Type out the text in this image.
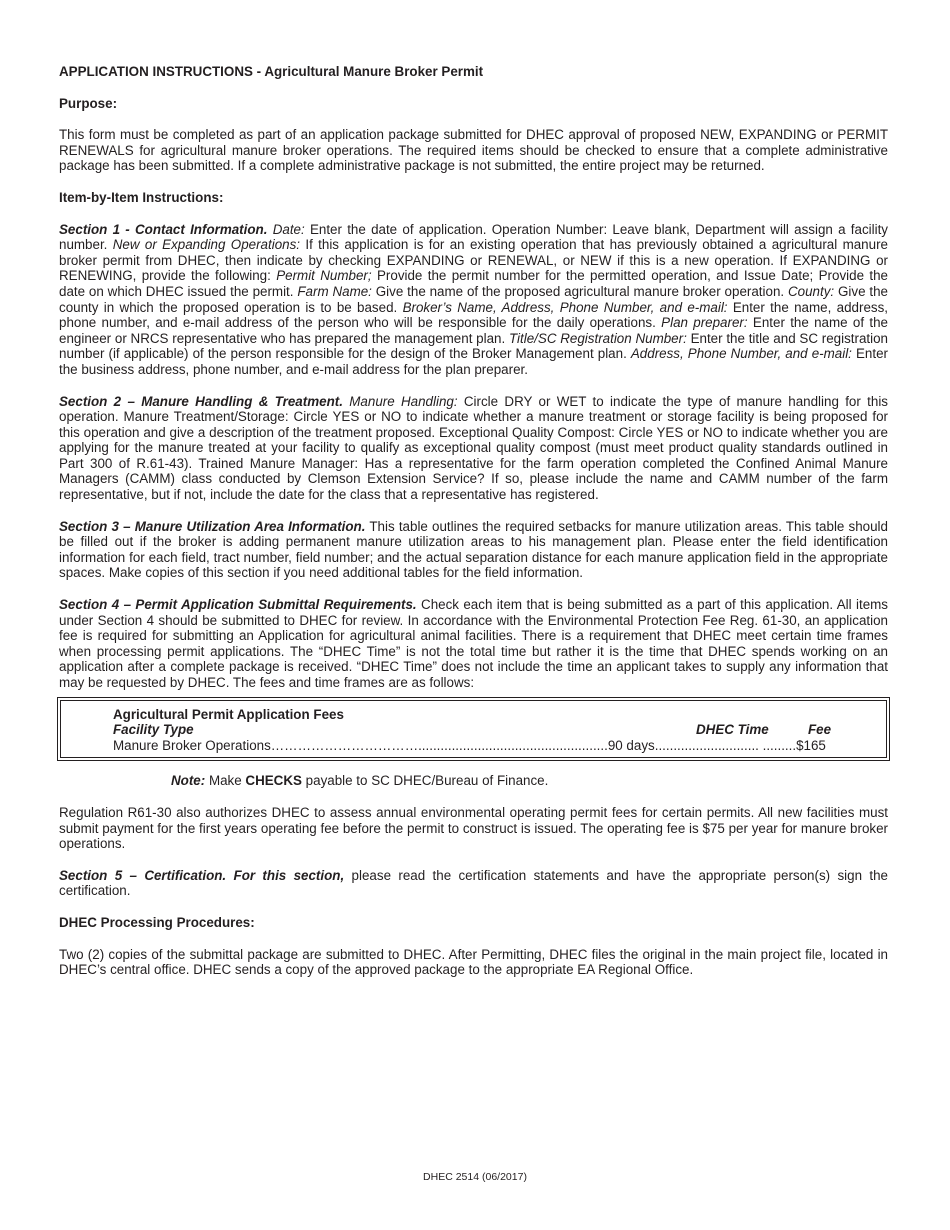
APPLICATION INSTRUCTIONS - Agricultural Manure Broker Permit
Purpose:

This form must be completed as part of an application package submitted for DHEC approval of proposed NEW, EXPANDING or PERMIT RENEWALS for agricultural manure broker operations. The required items should be checked to ensure that a complete administrative package has been submitted. If a complete administrative package is not submitted, the entire project may be returned.

Item-by-Item Instructions:

Section 1 - Contact Information. Date: Enter the date of application. Operation Number: Leave blank, Department will assign a facility number. New or Expanding Operations: If this application is for an existing operation that has previously obtained a agricultural manure broker permit from DHEC, then indicate by checking EXPANDING or RENEWAL, or NEW if this is a new operation. If EXPANDING or RENEWING, provide the following: Permit Number; Provide the permit number for the permitted operation, and Issue Date; Provide the date on which DHEC issued the permit. Farm Name: Give the name of the proposed agricultural manure broker operation. County: Give the county in which the proposed operation is to be based. Broker’s Name, Address, Phone Number, and e-mail: Enter the name, address, phone number, and e-mail address of the person who will be responsible for the daily operations. Plan preparer: Enter the name of the engineer or NRCS representative who has prepared the management plan. Title/SC Registration Number: Enter the title and SC registration number (if applicable) of the person responsible for the design of the Broker Management plan. Address, Phone Number, and e-mail: Enter the business address, phone number, and e-mail address for the plan preparer.

Section 2 – Manure Handling & Treatment. Manure Handling: Circle DRY or WET to indicate the type of manure handling for this operation. Manure Treatment/Storage: Circle YES or NO to indicate whether a manure treatment or storage facility is being proposed for this operation and give a description of the treatment proposed. Exceptional Quality Compost: Circle YES or NO to indicate whether you are applying for the manure treated at your facility to qualify as exceptional quality compost (must meet product quality standards outlined in Part 300 of R.61-43). Trained Manure Manager: Has a representative for the farm operation completed the Confined Animal Manure Managers (CAMM) class conducted by Clemson Extension Service? If so, please include the name and CAMM number of the farm representative, but if not, include the date for the class that a representative has registered.

Section 3 – Manure Utilization Area Information. This table outlines the required setbacks for manure utilization areas. This table should be filled out if the broker is adding permanent manure utilization areas to his management plan. Please enter the field identification information for each field, tract number, field number; and the actual separation distance for each manure application field in the appropriate spaces. Make copies of this section if you need additional tables for the field information.

Section 4 – Permit Application Submittal Requirements. Check each item that is being submitted as a part of this application. All items under Section 4 should be submitted to DHEC for review. In accordance with the Environmental Protection Fee Reg. 61-30, an application fee is required for submitting an Application for agricultural animal facilities. There is a requirement that DHEC meet certain time frames when processing permit applications. The “DHEC Time” is not the total time but rather it is the time that DHEC spends working on an application after a complete package is received. “DHEC Time” does not include the time an applicant takes to supply any information that may be requested by DHEC. The fees and time frames are as follows:

Agricultural Permit Application Fees
Facility Type	DHEC Time	Fee
Manure Broker Operations……………………………...................................................90 days............................ .........$165
Note: Make CHECKS payable to SC DHEC/Bureau of Finance.

Regulation R61-30 also authorizes DHEC to assess annual environmental operating permit fees for certain permits. All new facilities must submit payment for the first years operating fee before the permit to construct is issued. The operating fee is $75 per year for manure broker operations.

Section 5 – Certification. For this section, please read the certification statements and have the appropriate person(s) sign the certification.

DHEC Processing Procedures:

Two (2) copies of the submittal package are submitted to DHEC. After Permitting, DHEC files the original in the main project file, located in DHEC’s central office. DHEC sends a copy of the approved package to the appropriate EA Regional Office.

DHEC 2514 (06/2017)
